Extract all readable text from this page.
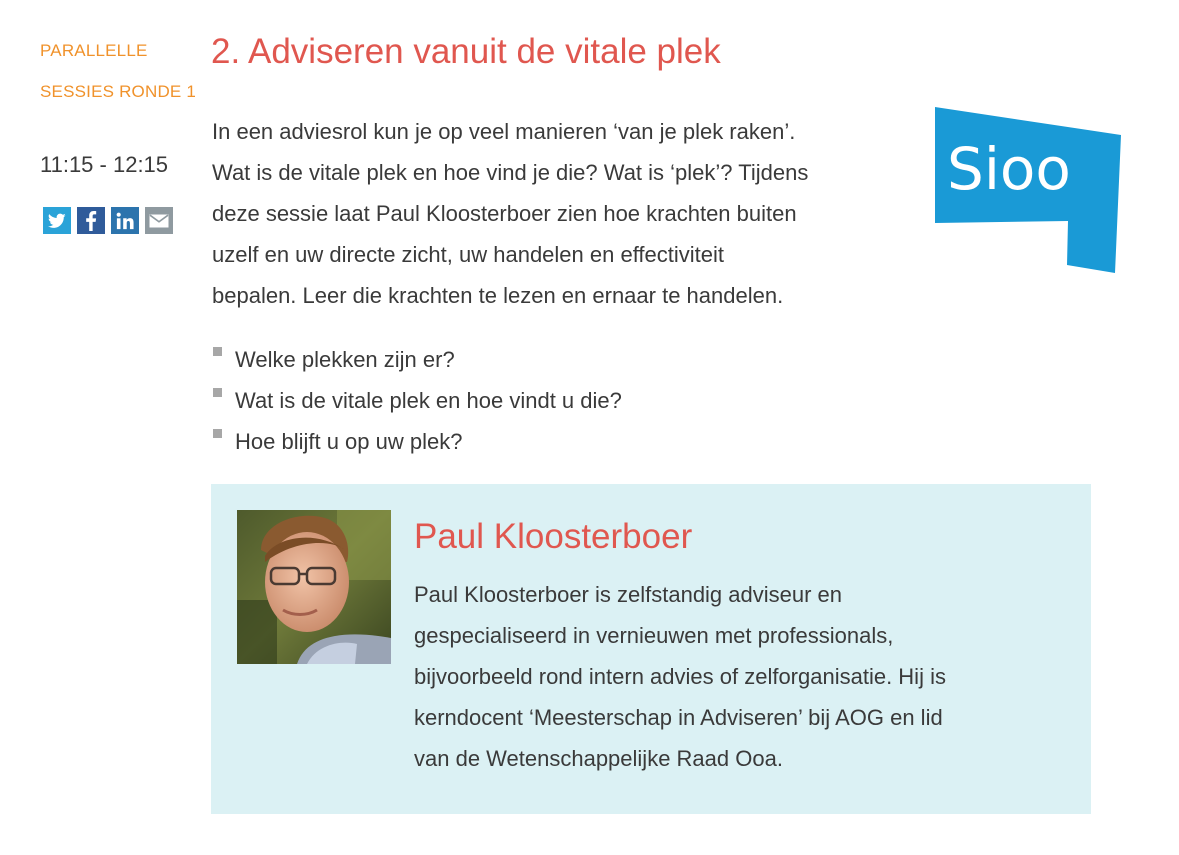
PARALLELLE
SESSIES RONDE 1
11:15 - 12:15
2. Adviseren vanuit de vitale plek

In een adviesrol kun je op veel manieren ‘van je plek raken’.
Wat is de vitale plek en hoe vind je die? Wat is ‘plek’? Tijdens
deze sessie laat Paul Kloosterboer zien hoe krachten buiten
uzelf en uw directe zicht, uw handelen en effectiviteit
bepalen. Leer die krachten te lezen en ernaar te handelen.

Welke plekken zijn er?
Wat is de vitale plek en hoe vindt u die?
Hoe blijft u op uw plek?
Sioo
Paul Kloosterboer

Paul Kloosterboer is zelfstandig adviseur en
gespecialiseerd in vernieuwen met professionals,
bijvoorbeeld rond intern advies of zelforganisatie. Hij is
kerndocent ‘Meesterschap in Adviseren’ bij AOG en lid
van de Wetenschappelijke Raad Ooa.
